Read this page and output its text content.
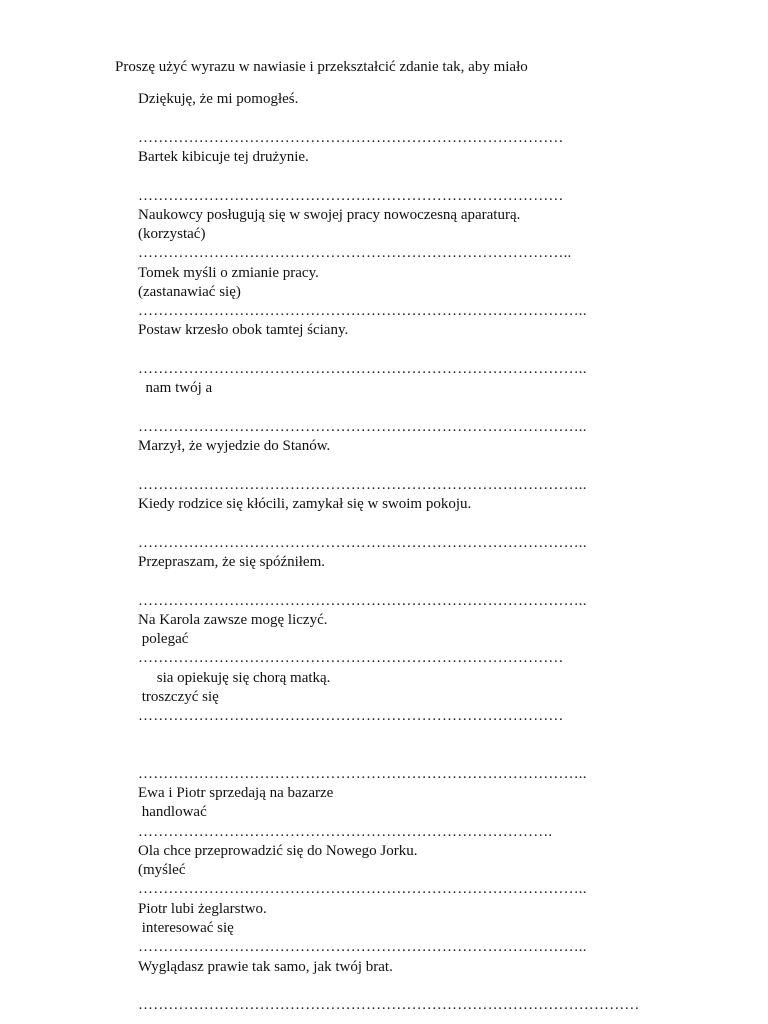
Proszę użyć wyrazu w nawiasie i przekształcić zdanie tak, aby miało
Dziękuję, że mi pomogłeś.
…………………………………………………………………………
Bartek kibicuje tej drużynie.
…………………………………………………………………………
Naukowcy posługują się w swojej pracy nowoczesną aparaturą.
(korzystać)
…………………………………………………………………………..
Tomek myśli o zmianie pracy.
(zastanawiać się)
……………………………………………………………………………..
Postaw krzesło obok tamtej ściany.
……………………………………………………………………………..
nam twój a
……………………………………………………………………………..
Marzył, że wyjedzie do Stanów.
……………………………………………………………………………..
Kiedy rodzice się kłócili, zamykał się w swoim pokoju.
……………………………………………………………………………..
Przepraszam, że się spóźniłem.
……………………………………………………………………………..
Na Karola zawsze mogę liczyć.
polegać
…………………………………………………………………………
sia opiekuję się chorą matką.
troszczyć się
…………………………………………………………………………
……………………………………………………………………………..
Ewa i Piotr sprzedają na bazarze
handlować
……………………………………………………………………….
Ola chce przeprowadzić się do Nowego Jorku.
(myśleć
……………………………………………………………………………..
Piotr lubi żeglarstwo.
interesować się
……………………………………………………………………………..
Wyglądasz prawie tak samo, jak twój brat.
………………………………………………………………………………………
